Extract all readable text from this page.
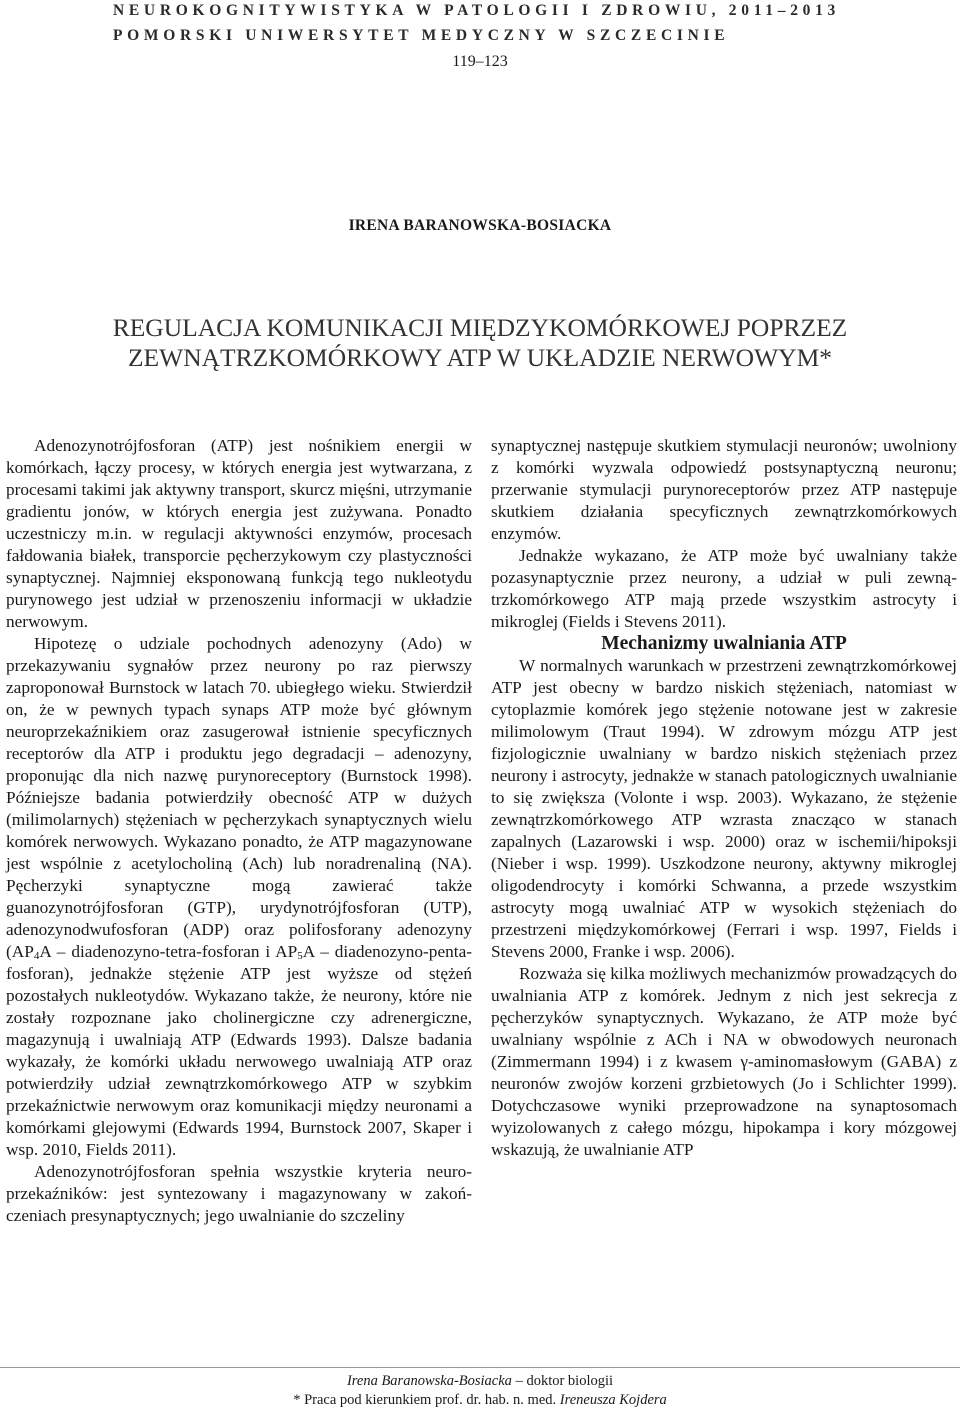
NEUROKOGNITYWISTYKA W PATOLOGII I ZDROWIU, 2011–2013
POMORSKI UNIWERSYTET MEDYCZNY W SZCZECINIE
119–123
IRENA BARANOWSKA-BOSIACKA
REGULACJA KOMUNIKACJI MIĘDZYKOMÓRKOWEJ POPRZEZ
ZEWNĄTRZKOMÓRKOWY ATP W UKŁADZIE NERWOWYM*

Adenozynotrójfosforan (ATP) jest nośnikiem energii w komórkach, łączy procesy, w których energia jest wytwarzana, z procesami takimi jak aktywny transport, skurcz mięśni, utrzymanie gradientu jonów, w których energia jest zużywana. Ponadto uczestniczy m.in. w regulacji aktywności enzymów, procesach fałdowania białek, transporcie pęcherzykowym czy plastyczności synaptycznej. Najmniej eksponowaną funkcją tego nukleotydu purynowego jest udział w przenoszeniu informacji w układzie nerwowym.

Hipotezę o udziale pochodnych adenozyny (Ado) w przekazywaniu sygnałów przez neurony po raz pierwszy zaproponował Burnstock w latach 70. ubiegłego wieku. Stwierdził on, że w pewnych typach synaps ATP może być głównym neuroprzekaźnikiem oraz zasugerował istnienie specyficznych receptorów dla ATP i produktu jego degradacji – adenozyny, proponując dla nich nazwę purynoreceptory (Burnstock 1998). Późniejsze badania potwierdziły obecność ATP w dużych (milimolarnych) stężeniach w pęcherzykach synaptycznych wielu komórek nerwowych. Wykazano ponadto, że ATP magazynowane jest wspólnie z acetylocholiną (Ach) lub noradrenaliną (NA). Pęcherzyki synaptyczne mogą zawierać także guanozynotrójfosforan (GTP), urydynotrójfosforan (UTP), adenozynodwufosforan (ADP) oraz polifosforany adenozyny (AP4A – diadenozyno-tetra-fosforan i AP5A – diadenozyno-penta-fosforan), jednakże stężenie ATP jest wyższe od stężeń pozostałych nukleotydów. Wykazano także, że neurony, które nie zostały rozpoznane jako cholinergiczne czy adrenergiczne, magazynują i uwalniają ATP (Edwards 1993). Dalsze badania wykazały, że komórki układu nerwowego uwalniają ATP oraz potwierdziły udział zewnątrzkomórkowego ATP w szybkim przekaźnictwie nerwowym oraz komunikacji między neuronami a komórkami glejowymi (Edwards 1994, Burnstock 2007, Skaper i wsp. 2010, Fields 2011).

Adenozynotrójfosforan spełnia wszystkie kryteria neuroprzekaźników: jest syntezowany i magazynowany w zakończeniach presynaptycznych; jego uwalnianie do szczeliny

synaptycznej następuje skutkiem stymulacji neuronów; uwolniony z komórki wyzwala odpowiedź postsynaptyczną neuronu; przerwanie stymulacji purynoreceptorów przez ATP następuje skutkiem działania specyficznych zewnątrzkomórkowych enzymów.

Jednakże wykazano, że ATP może być uwalniany także pozasynaptycznie przez neurony, a udział w puli zewnątrzkomórkowego ATP mają przede wszystkim astrocyty i mikroglej (Fields i Stevens 2011).

Mechanizmy uwalniania ATP

W normalnych warunkach w przestrzeni zewnątrzkomórkowej ATP jest obecny w bardzo niskich stężeniach, natomiast w cytoplazmie komórek jego stężenie notowane jest w zakresie milimolowym (Traut 1994). W zdrowym mózgu ATP jest fizjologicznie uwalniany w bardzo niskich stężeniach przez neurony i astrocyty, jednakże w stanach patologicznych uwalnianie to się zwiększa (Volonte i wsp. 2003). Wykazano, że stężenie zewnątrzkomórkowego ATP wzrasta znacząco w stanach zapalnych (Lazarowski i wsp. 2000) oraz w ischemii/hipoksji (Nieber i wsp. 1999). Uszkodzone neurony, aktywny mikroglej oligodendrocyty i komórki Schwanna, a przede wszystkim astrocyty mogą uwalniać ATP w wysokich stężeniach do przestrzeni międzykomórkowej (Ferrari i wsp. 1997, Fields i Stevens 2000, Franke i wsp. 2006).

Rozważa się kilka możliwych mechanizmów prowadzących do uwalniania ATP z komórek. Jednym z nich jest sekrecja z pęcherzyków synaptycznych. Wykazano, że ATP może być uwalniany wspólnie z ACh i NA w obwodowych neuronach (Zimmermann 1994) i z kwasem γ-aminomasłowym (GABA) z neuronów zwojów korzeni grzbietowych (Jo i Schlichter 1999). Dotychczasowe wyniki przeprowadzone na synaptosomach wyizolowanych z całego mózgu, hipokampa i kory mózgowej wskazują, że uwalnianie ATP

Irena Baranowska-Bosiacka – doktor biologii
* Praca pod kierunkiem prof. dr. hab. n. med. Ireneusza Kojdera
